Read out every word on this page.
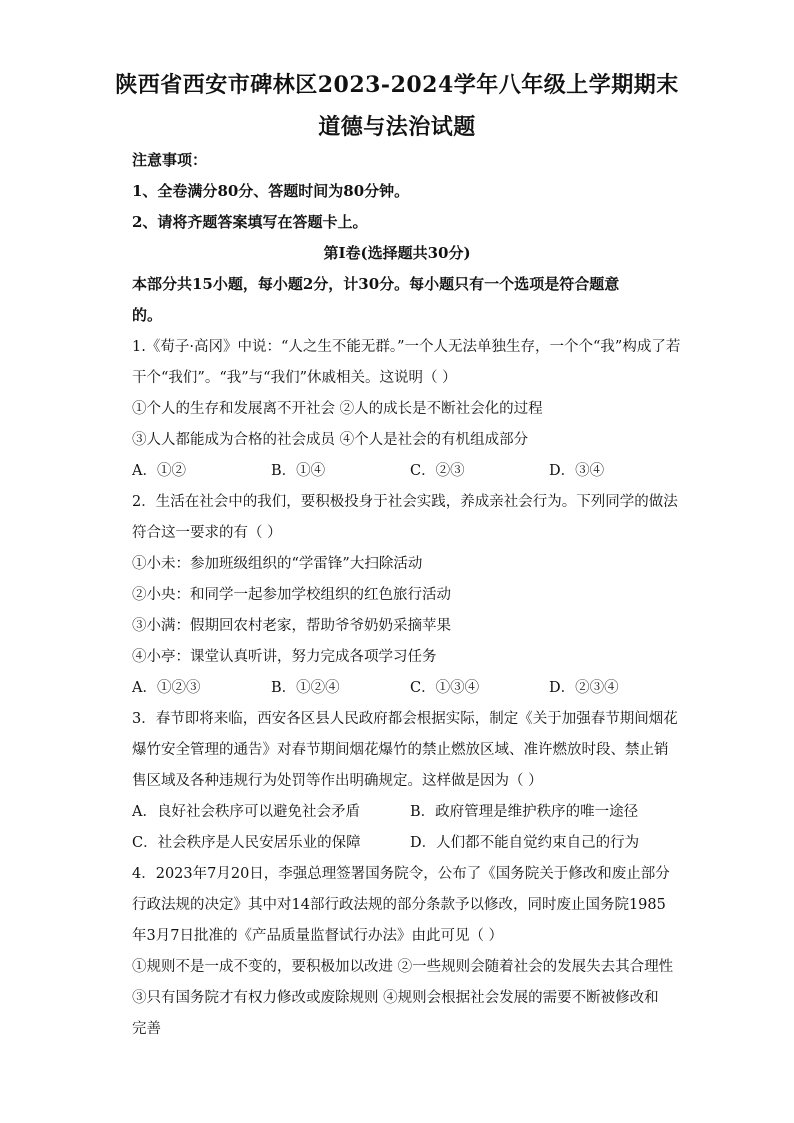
陕西省西安市碑林区2023-2024学年八年级上学期期末
道德与法治试题
注意事项：
1、全卷满分80分、答题时间为80分钟。
2、请将齐题答案填写在答题卡上。
第Ⅰ卷(选择题共30分)
本部分共15小题，每小题2分，计30分。每小题只有一个选项是符合题意
的。
1.《荀子·高冈》中说：“人之生不能无群。”一个人无法单独生存，一个个“我”构成了若
干个“我们”。“我”与“我们”休戚相关。这说明（ ）
①个人的生存和发展离不开社会 ②人的成长是不断社会化的过程
③人人都能成为合格的社会成员 ④个人是社会的有机组成部分
A．①②	B．①④	C．②③	D．③④
2．生活在社会中的我们，要积极投身于社会实践，养成亲社会行为。下列同学的做法
符合这一要求的有（ ）
①小未：参加班级组织的“学雷锋”大扫除活动
②小央：和同学一起参加学校组织的红色旅行活动
③小满：假期回农村老家，帮助爷爷奶奶采摘苹果
④小亭：课堂认真听讲，努力完成各项学习任务
A．①②③	B．①②④	C．①③④	D．②③④
3．春节即将来临，西安各区县人民政府都会根据实际，制定《关于加强春节期间烟花
爆竹安全管理的通告》对春节期间烟花爆竹的禁止燃放区域、准许燃放时段、禁止销
售区域及各种违规行为处罚等作出明确规定。这样做是因为（ ）
A．良好社会秩序可以避免社会矛盾	B．政府管理是维护秩序的唯一途径
C．社会秩序是人民安居乐业的保障	D．人们都不能自觉约束自己的行为
4．2023年7月20日，李强总理签署国务院令，公布了《国务院关于修改和废止部分
行政法规的决定》其中对14部行政法规的部分条款予以修改，同时废止国务院1985
年3月7日批准的《产品质量监督试行办法》由此可见（ ）
①规则不是一成不变的，要积极加以改进 ②一些规则会随着社会的发展失去其合理性
③只有国务院才有权力修改或废除规则 ④规则会根据社会发展的需要不断被修改和
完善
